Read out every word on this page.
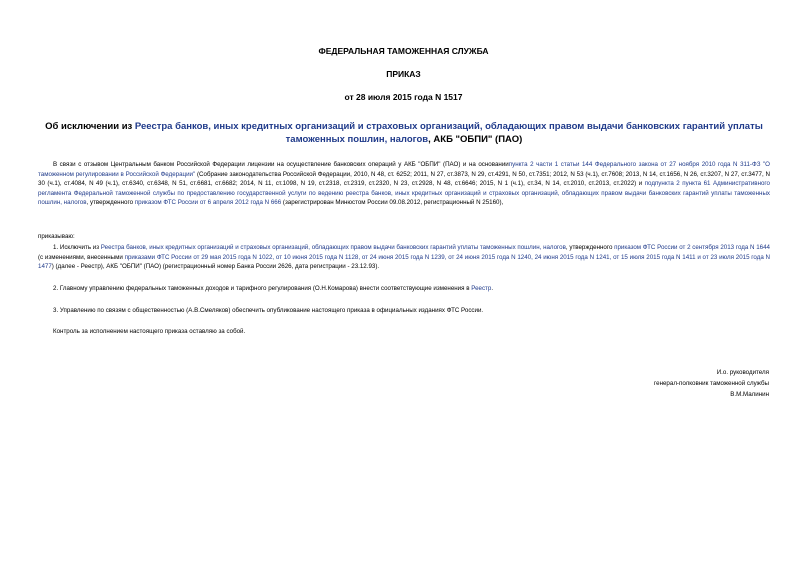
ФЕДЕРАЛЬНАЯ ТАМОЖЕННАЯ СЛУЖБА
ПРИКАЗ
от 28 июля 2015 года N 1517
Об исключении из Реестра банков, иных кредитных организаций и страховых организаций, обладающих правом выдачи банковских гарантий уплаты таможенных пошлин, налогов, АКБ "ОБПИ" (ПАО)
В связи с отзывом Центральным банком Российской Федерации лицензии на осуществление банковских операций у АКБ "ОБПИ" (ПАО) и на основаниипункта 2 части 1 статьи 144 Федерального закона от 27 ноября 2010 года N 311-ФЗ "О таможенном регулировании в Российской Федерации" (Собрание законодательства Российской Федерации, 2010, N 48, ст. 6252; 2011, N 27, ст.3873, N 29, ст.4291, N 50, ст.7351; 2012, N 53 (ч.1), ст.7608; 2013, N 14, ст.1656, N 26, ст.3207, N 27, ст.3477, N 30 (ч.1), ст.4084, N 49 (ч.1), ст.6340, ст.6348, N 51, ст.6681, ст.6682; 2014, N 11, ст.1098, N 19, ст.2318, ст.2319, ст.2320, N 23, ст.2928, N 48, ст.6646; 2015, N 1 (ч.1), ст.34, N 14, ст.2010, ст.2013, ст.2022) и подпункта 2 пункта 61 Административного регламента Федеральной таможенной службы по предоставлению государственной услуги по ведению реестра банков, иных кредитных организаций и страховых организаций, обладающих правом выдачи банковских гарантий уплаты таможенных пошлин, налогов, утвержденного приказом ФТС России от 6 апреля 2012 года N 666 (зарегистрирован Минюстом России 09.08.2012, регистрационный N 25160),
приказываю:
1. Исключить из Реестра банков, иных кредитных организаций и страховых организаций, обладающих правом выдачи банковских гарантий уплаты таможенных пошлин, налогов, утвержденного приказом ФТС России от 2 сентября 2013 года N 1644 (с изменениями, внесенными приказами ФТС России от 29 мая 2015 года N 1022, от 10 июня 2015 года N 1128, от 24 июня 2015 года N 1239, от 24 июня 2015 года N 1240, 24 июня 2015 года N 1241, от 15 июля 2015 года N 1411 и от 23 июля 2015 года N 1477) (далее - Реестр), АКБ "ОБПИ" (ПАО) (регистрационный номер Банка России 2626, дата регистрации - 23.12.93).
2. Главному управлению федеральных таможенных доходов и тарифного регулирования (О.Н.Комарова) внести соответствующие изменения в Реестр.
3. Управлению по связям с общественностью (А.В.Смеляков) обеспечить опубликование настоящего приказа в официальных изданиях ФТС России.
Контроль за исполнением настоящего приказа оставляю за собой.
И.о. руководителя
генерал-полковник таможенной службы
В.М.Малинин
